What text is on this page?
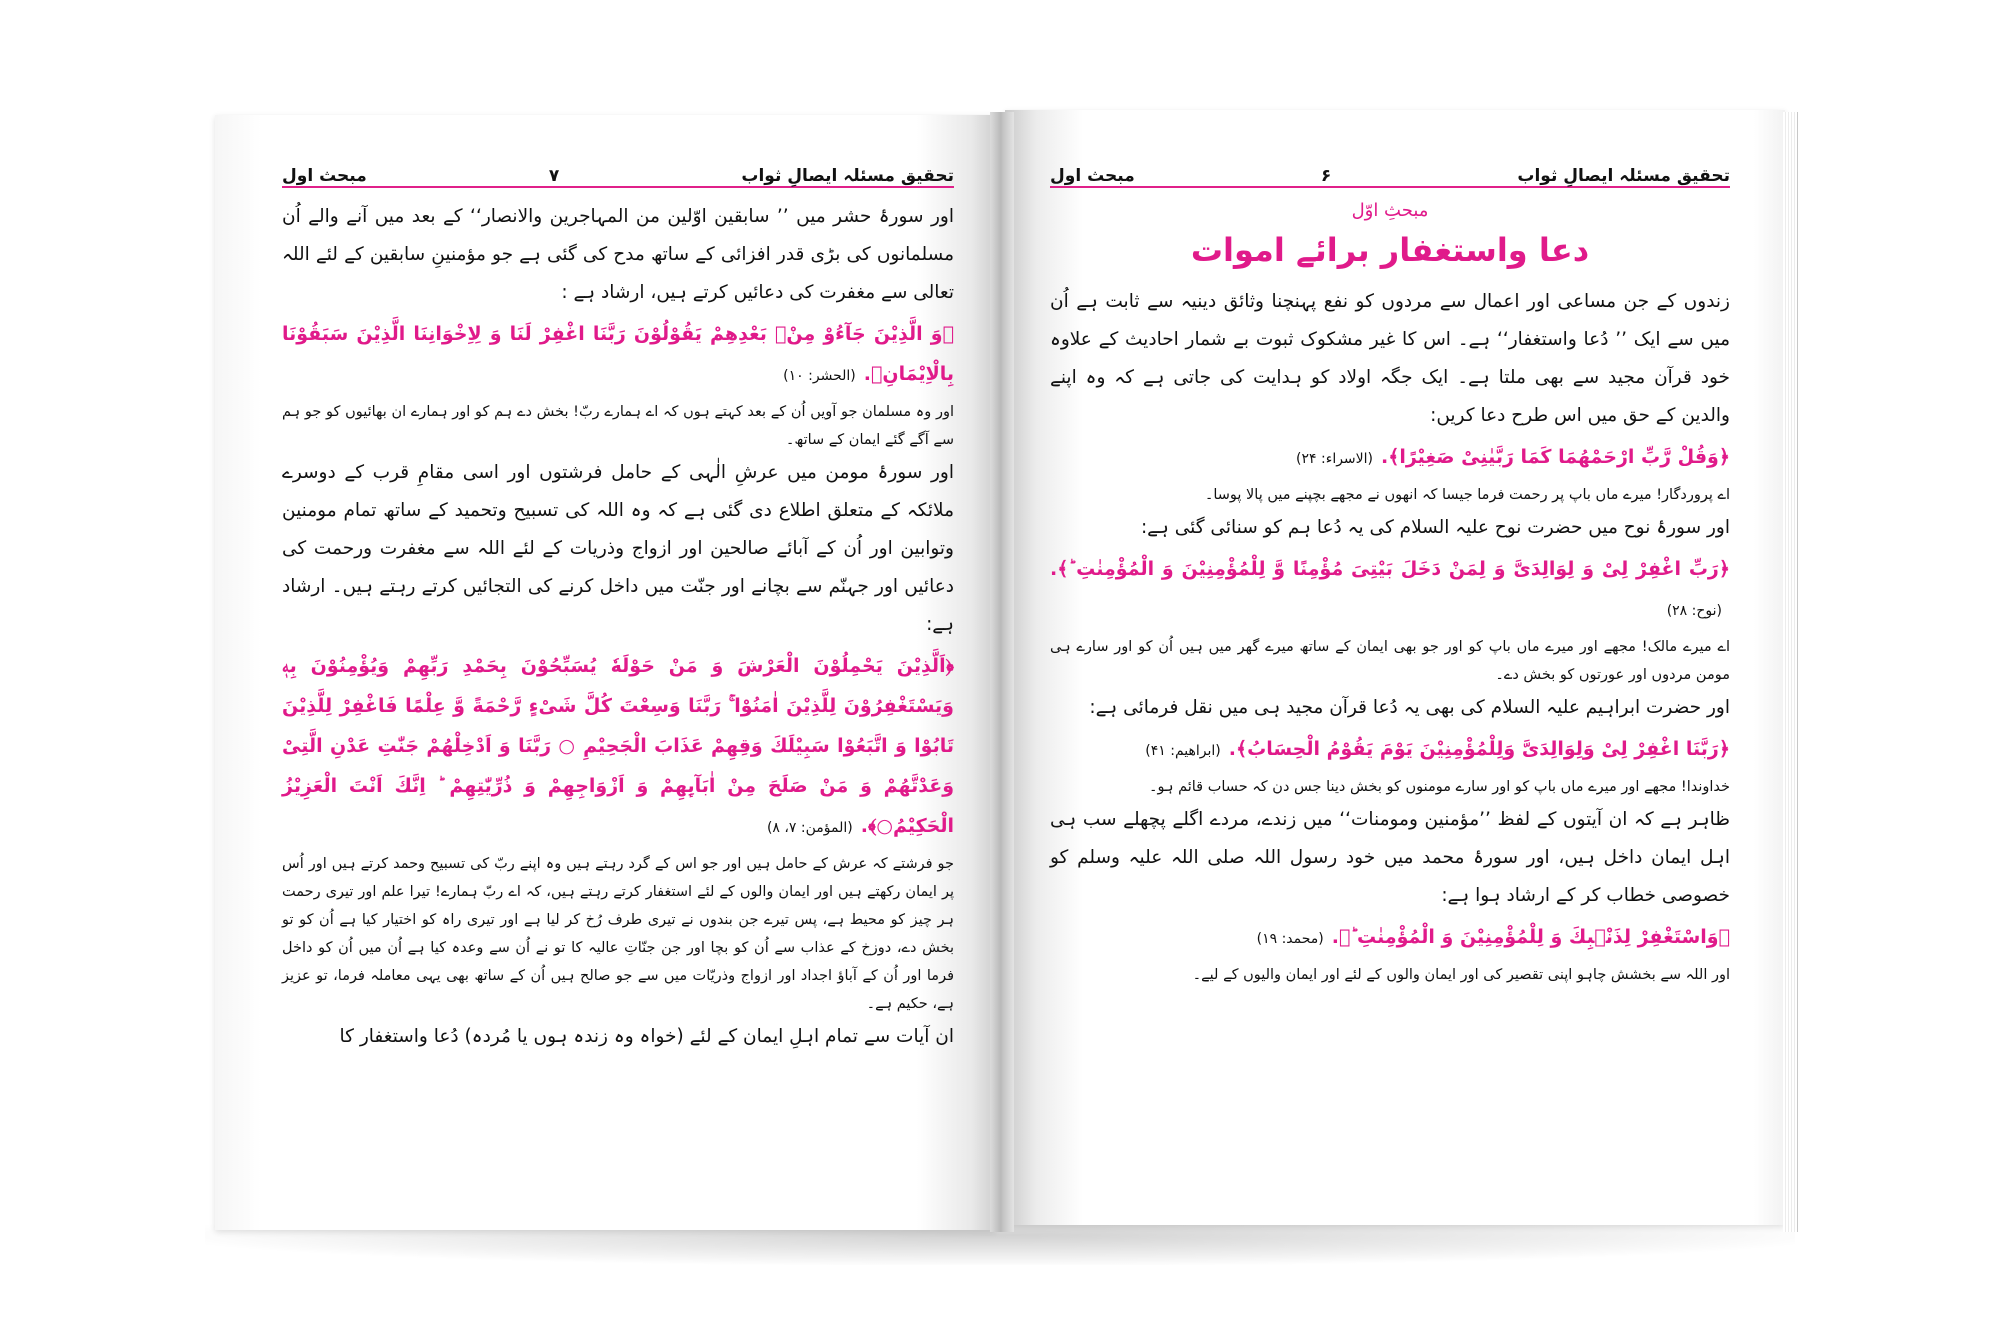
تحقیق مسئلہ ایصالِ ثواب
۷
مبحث اول

اور سورۂ حشر میں ’’ سابقین اوّلین من المہاجرین والانصار‘‘ کے بعد میں آنے والے اُن مسلمانوں کی بڑی قدر افزائی کے ساتھ مدح کی گئی ہے جو مؤمنینِ سابقین کے لئے اللہ تعالی سے مغفرت کی دعائیں کرتے ہیں، ارشاد ہے :

﴿وَ الَّذِیْنَ جَآءُوْ مِنْۢ بَعْدِهِمْ یَقُوْلُوْنَ رَبَّنَا اغْفِرْ لَنَا وَ لِاِخْوَانِنَا الَّذِیْنَ سَبَقُوْنَا بِالْاِیْمَانِ﴾.(الحشر: ۱۰)

اور وہ مسلمان جو آویں اُن کے بعد کہتے ہوں کہ اے ہمارے ربّ! بخش دے ہم کو اور ہمارے ان بھائیوں کو جو ہم سے آگے گئے ایمان کے ساتھ۔

اور سورۂ مومن میں عرشِ الٰہی کے حامل فرشتوں اور اسی مقامِ قرب کے دوسرے ملائکہ کے متعلق اطلاع دی گئی ہے کہ وہ اللہ کی تسبیح وتحمید کے ساتھ تمام مومنین وتوابین اور اُن کے آبائے صالحین اور ازواج وذریات کے لئے اللہ سے مغفرت ورحمت کی دعائیں اور جہنّم سے بچانے اور جنّت میں داخل کرنے کی التجائیں کرتے رہتے ہیں۔ ارشاد ہے:

﴿اَلَّذِیْنَ یَحْمِلُوْنَ الْعَرْشَ وَ مَنْ حَوْلَهٗ یُسَبِّحُوْنَ بِحَمْدِ رَبِّهِمْ وَیُؤْمِنُوْنَ بِهٖ وَیَسْتَغْفِرُوْنَ لِلَّذِیْنَ اٰمَنُوْا ۚ رَبَّنَا وَسِعْتَ كُلَّ شَیْءٍ رَّحْمَةً وَّ عِلْمًا فَاغْفِرْ لِلَّذِیْنَ تَابُوْا وَ اتَّبَعُوْا سَبِیْلَكَ وَقِهِمْ عَذَابَ الْجَحِیْمِ ○ رَبَّنَا وَ اَدْخِلْهُمْ جَنّٰتِ عَدْنِ الَّتِیْ وَعَدْتَّهُمْ وَ مَنْ صَلَحَ مِنْ اٰبَآىِٕهِمْ وَ اَزْوَاجِهِمْ وَ ذُرِّیّٰتِهِمْ ؕ اِنَّكَ اَنْتَ الْعَزِیْزُ الْحَكِیْمُ○﴾.(المؤمن: ۷، ۸)

جو فرشتے کہ عرش کے حامل ہیں اور جو اس کے گرد رہتے ہیں وہ اپنے ربّ کی تسبیح وحمد کرتے ہیں اور اُس پر ایمان رکھتے ہیں اور ایمان والوں کے لئے استغفار کرتے رہتے ہیں، کہ اے ربّ ہمارے! تیرا علم اور تیری رحمت ہر چیز کو محیط ہے، پس تیرے جن بندوں نے تیری طرف رُخ کر لیا ہے اور تیری راہ کو اختیار کیا ہے اُن کو تو بخش دے، دوزخ کے عذاب سے اُن کو بچا اور جن جنّاتِ عالیہ کا تو نے اُن سے وعدہ کیا ہے اُن میں اُن کو داخل فرما اور اُن کے آباؤ اجداد اور ازواج وذریّات میں سے جو صالح ہیں اُن کے ساتھ بھی یہی معاملہ فرما، تو عزیز ہے، حکیم ہے۔

ان آیات سے تمام اہلِ ایمان کے لئے (خواہ وہ زندہ ہوں یا مُردہ) دُعا واستغفار کا

تحقیق مسئلہ ایصالِ ثواب
۶
مبحث اول
مبحثِ اوّل
دعا واستغفار برائے اموات

زندوں کے جن مساعی اور اعمال سے مردوں کو نفع پہنچنا وثائق دینیہ سے ثابت ہے اُن میں سے ایک ’’ دُعا واستغفار‘‘ ہے۔ اس کا غیر مشکوک ثبوت بے شمار احادیث کے علاوہ خود قرآن مجید سے بھی ملتا ہے۔ ایک جگہ اولاد کو ہدایت کی جاتی ہے کہ وہ اپنے والدین کے حق میں اس طرح دعا کریں:

﴿وَقُلْ رَّبِّ ارْحَمْهُمَا كَمَا رَبَّیٰنِیْ صَغِیْرًا﴾.(الاسراء: ۲۴)

اے پروردگار! میرے ماں باپ پر رحمت فرما جیسا کہ انھوں نے مجھے بچپنے میں پالا پوسا۔

اور سورۂ نوح میں حضرت نوح علیہ السلام کی یہ دُعا ہم کو سنائی گئی ہے:

﴿رَبِّ اغْفِرْ لِیْ وَ لِوَالِدَیَّ وَ لِمَنْ دَخَلَ بَیْتِیَ مُؤْمِنًا وَّ لِلْمُؤْمِنِیْنَ وَ الْمُؤْمِنٰتِ ؕ﴾.(نوح: ۲۸)

اے میرے مالک! مجھے اور میرے ماں باپ کو اور جو بھی ایمان کے ساتھ میرے گھر میں ہیں اُن کو اور سارے ہی مومن مردوں اور عورتوں کو بخش دے۔

اور حضرت ابراہیم علیہ السلام کی بھی یہ دُعا قرآن مجید ہی میں نقل فرمائی ہے:

﴿رَبَّنَا اغْفِرْ لِیْ وَلِوَالِدَیَّ وَلِلْمُؤْمِنِیْنَ یَوْمَ یَقُوْمُ الْحِسَابُ﴾.(ابراھیم: ۴۱)

خداوندا! مجھے اور میرے ماں باپ کو اور سارے مومنوں کو بخش دینا جس دن کہ حساب قائم ہو۔

ظاہر ہے کہ ان آیتوں کے لفظ ’’مؤمنین ومومنات‘‘ میں زندے، مردے اگلے پچھلے سب ہی اہل ایمان داخل ہیں، اور سورۂ محمد میں خود رسول اللہ صلی اللہ علیہ وسلم کو خصوصی خطاب کر کے ارشاد ہوا ہے:

﴿وَاسْتَغْفِرْ لِذَنْۢبِكَ وَ لِلْمُؤْمِنِیْنَ وَ الْمُؤْمِنٰتِ ؕ﴾.(محمد: ۱۹)

اور اللہ سے بخشش چاہو اپنی تقصیر کی اور ایمان والوں کے لئے اور ایمان والیوں کے لیے۔
